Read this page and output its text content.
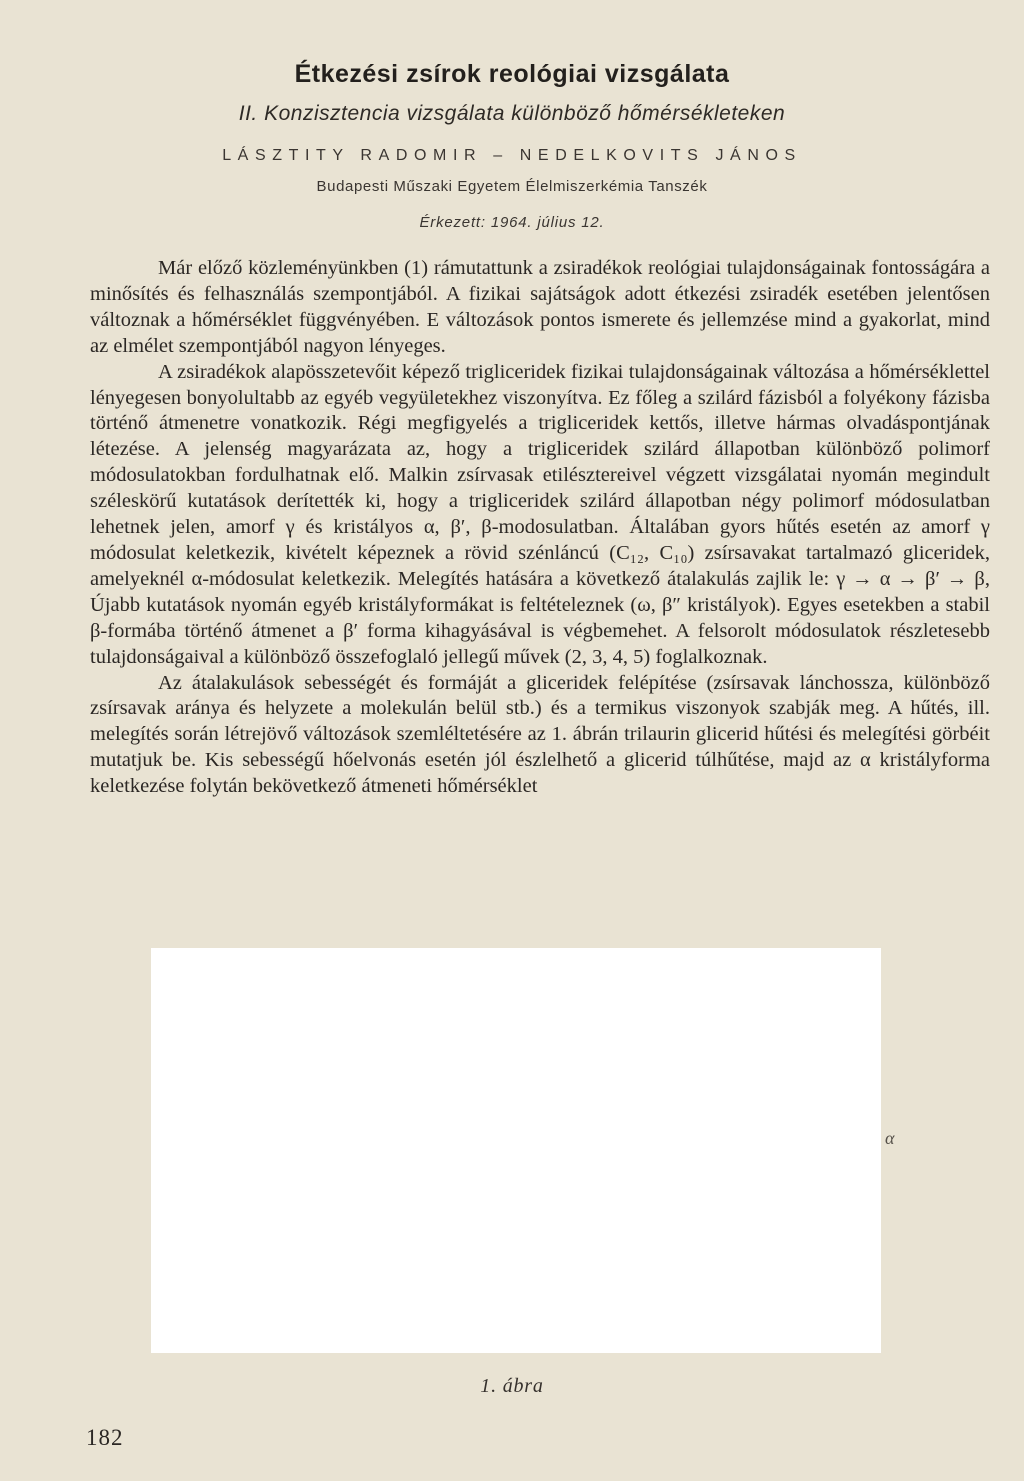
Étkezési zsírok reológiai vizsgálata
II. Konzisztencia vizsgálata különböző hőmérsékleteken
LÁSZTITY RADOMIR – NEDELKOVITS JÁNOS
Budapesti Műszaki Egyetem Élelmiszerkémia Tanszék
Érkezett: 1964. július 12.

Már előző közleményünkben (1) rámutattunk a zsiradékok reológiai tulajdonságainak fontosságára a minősítés és felhasználás szempontjából. A fizikai sajátságok adott étkezési zsiradék esetében jelentősen változnak a hőmérséklet függvényében. E változások pontos ismerete és jellemzése mind a gyakorlat, mind az elmélet szempontjából nagyon lényeges.

A zsiradékok alapösszetevőit képező trigliceridek fizikai tulajdonságainak változása a hőmérséklettel lényegesen bonyolultabb az egyéb vegyületekhez viszonyítva. Ez főleg a szilárd fázisból a folyékony fázisba történő átmenetre vonatkozik. Régi megfigyelés a trigliceridek kettős, illetve hármas olvadáspontjának létezése. A jelenség magyarázata az, hogy a trigliceridek szilárd állapotban különböző polimorf módosulatokban fordulhatnak elő. Malkin zsírvasak etilésztereivel végzett vizsgálatai nyomán megindult széleskörű kutatások derítették ki, hogy a trigliceridek szilárd állapotban négy polimorf módosulatban lehetnek jelen, amorf γ és kristályos α, β′, β-modosulatban. Általában gyors hűtés esetén az amorf γ módosulat keletkezik, kivételt képeznek a rövid szénláncú (C₁₂, C₁₀) zsírsavakat tartalmazó gliceridek, amelyeknél α-módosulat keletkezik. Melegítés hatására a következő átalakulás zajlik le: γ → α → β′ → β, Újabb kutatások nyomán egyéb kristályformákat is feltételeznek (ω, β″ kristályok). Egyes esetekben a stabil β-formába történő átmenet a β′ forma kihagyásával is végbemehet. A felsorolt módosulatok részletesebb tulajdonságaival a különböző összefoglaló jellegű művek (2, 3, 4, 5) foglalkoznak.

Az átalakulások sebességét és formáját a gliceridek felépítése (zsírsavak lánchossza, különböző zsírsavak aránya és helyzete a molekulán belül stb.) és a termikus viszonyok szabják meg. A hűtés, ill. melegítés során létrejövő változások szemléltetésére az 1. ábrán trilaurin glicerid hűtési és melegítési görbéit mutatjuk be. Kis sebességű hőelvonás esetén jól észlelhető a glicerid túlhűtése, majd az α kristályforma keletkezése folytán bekövetkező átmeneti hőmérséklet

α
1. ábra
182
